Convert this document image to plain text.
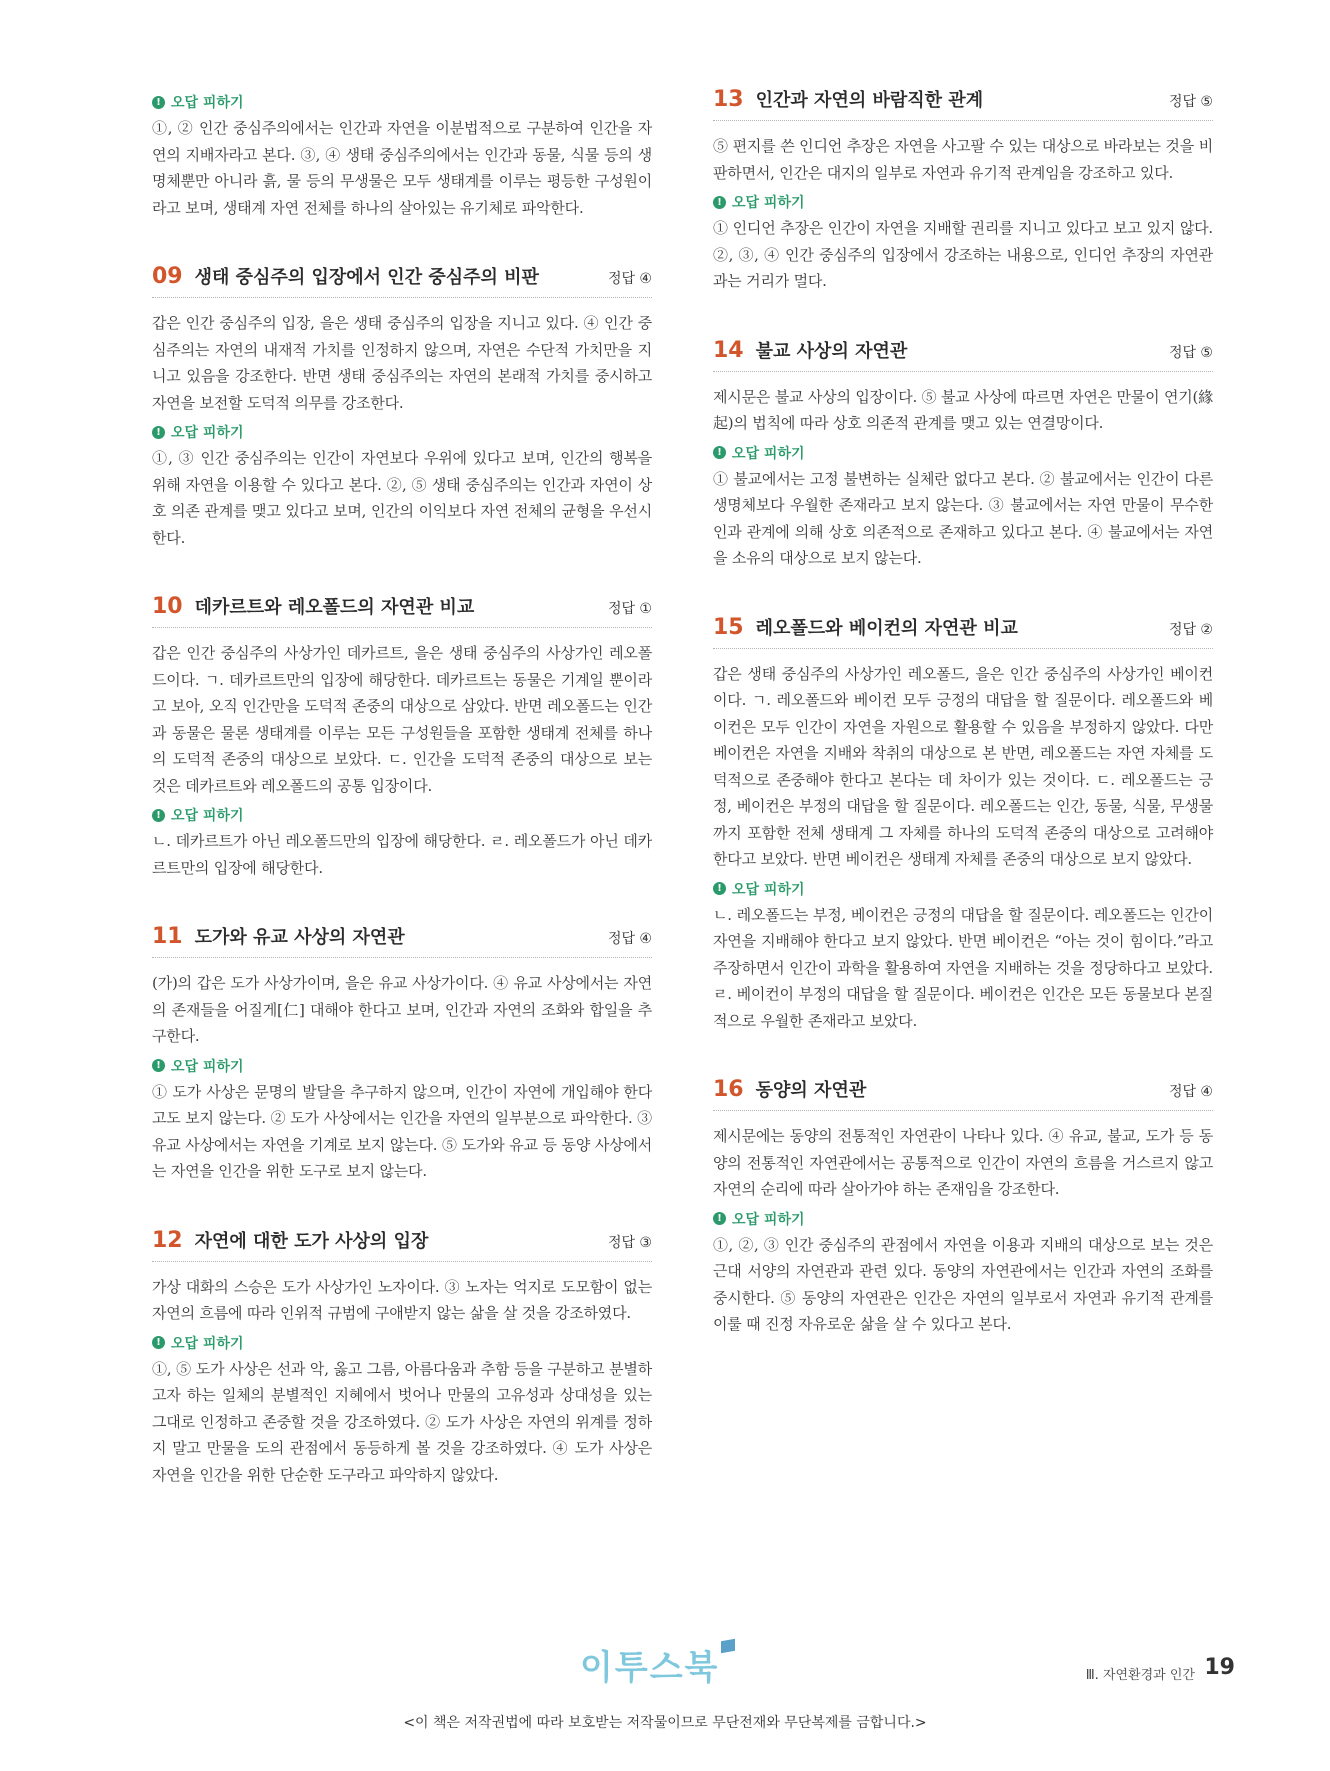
! 오답 피하기

①, ② 인간 중심주의에서는 인간과 자연을 이분법적으로 구분하여 인간을 자연의 지배자라고 본다. ③, ④ 생태 중심주의에서는 인간과 동물, 식물 등의 생명체뿐만 아니라 흙, 물 등의 무생물은 모두 생태계를 이루는 평등한 구성원이라고 보며, 생태계 자연 전체를 하나의 살아있는 유기체로 파악한다.

09 생태 중심주의 입장에서 인간 중심주의 비판	정답 ④

갑은 인간 중심주의 입장, 을은 생태 중심주의 입장을 지니고 있다. ④ 인간 중심주의는 자연의 내재적 가치를 인정하지 않으며, 자연은 수단적 가치만을 지니고 있음을 강조한다. 반면 생태 중심주의는 자연의 본래적 가치를 중시하고 자연을 보전할 도덕적 의무를 강조한다.

! 오답 피하기

①, ③ 인간 중심주의는 인간이 자연보다 우위에 있다고 보며, 인간의 행복을 위해 자연을 이용할 수 있다고 본다. ②, ⑤ 생태 중심주의는 인간과 자연이 상호 의존 관계를 맺고 있다고 보며, 인간의 이익보다 자연 전체의 균형을 우선시한다.

10 데카르트와 레오폴드의 자연관 비교	정답 ①

갑은 인간 중심주의 사상가인 데카르트, 을은 생태 중심주의 사상가인 레오폴드이다. ㄱ. 데카르트만의 입장에 해당한다. 데카르트는 동물은 기계일 뿐이라고 보아, 오직 인간만을 도덕적 존중의 대상으로 삼았다. 반면 레오폴드는 인간과 동물은 물론 생태계를 이루는 모든 구성원들을 포함한 생태계 전체를 하나의 도덕적 존중의 대상으로 보았다. ㄷ. 인간을 도덕적 존중의 대상으로 보는 것은 데카르트와 레오폴드의 공통 입장이다.

! 오답 피하기

ㄴ. 데카르트가 아닌 레오폴드만의 입장에 해당한다. ㄹ. 레오폴드가 아닌 데카르트만의 입장에 해당한다.

11 도가와 유교 사상의 자연관	정답 ④

(가)의 갑은 도가 사상가이며, 을은 유교 사상가이다. ④ 유교 사상에서는 자연의 존재들을 어질게[仁] 대해야 한다고 보며, 인간과 자연의 조화와 합일을 추구한다.

! 오답 피하기

① 도가 사상은 문명의 발달을 추구하지 않으며, 인간이 자연에 개입해야 한다고도 보지 않는다. ② 도가 사상에서는 인간을 자연의 일부분으로 파악한다. ③ 유교 사상에서는 자연을 기계로 보지 않는다. ⑤ 도가와 유교 등 동양 사상에서는 자연을 인간을 위한 도구로 보지 않는다.

12 자연에 대한 도가 사상의 입장	정답 ③

가상 대화의 스승은 도가 사상가인 노자이다. ③ 노자는 억지로 도모함이 없는 자연의 흐름에 따라 인위적 규범에 구애받지 않는 삶을 살 것을 강조하였다.

! 오답 피하기

①, ⑤ 도가 사상은 선과 악, 옳고 그름, 아름다움과 추함 등을 구분하고 분별하고자 하는 일체의 분별적인 지혜에서 벗어나 만물의 고유성과 상대성을 있는 그대로 인정하고 존중할 것을 강조하였다. ② 도가 사상은 자연의 위계를 정하지 말고 만물을 도의 관점에서 동등하게 볼 것을 강조하였다. ④ 도가 사상은 자연을 인간을 위한 단순한 도구라고 파악하지 않았다.

13 인간과 자연의 바람직한 관계	정답 ⑤

⑤ 편지를 쓴 인디언 추장은 자연을 사고팔 수 있는 대상으로 바라보는 것을 비판하면서, 인간은 대지의 일부로 자연과 유기적 관계임을 강조하고 있다.

! 오답 피하기

① 인디언 추장은 인간이 자연을 지배할 권리를 지니고 있다고 보고 있지 않다. ②, ③, ④ 인간 중심주의 입장에서 강조하는 내용으로, 인디언 추장의 자연관과는 거리가 멀다.

14 불교 사상의 자연관	정답 ⑤

제시문은 불교 사상의 입장이다. ⑤ 불교 사상에 따르면 자연은 만물이 연기(緣起)의 법칙에 따라 상호 의존적 관계를 맺고 있는 연결망이다.

! 오답 피하기

① 불교에서는 고정 불변하는 실체란 없다고 본다. ② 불교에서는 인간이 다른 생명체보다 우월한 존재라고 보지 않는다. ③ 불교에서는 자연 만물이 무수한 인과 관계에 의해 상호 의존적으로 존재하고 있다고 본다. ④ 불교에서는 자연을 소유의 대상으로 보지 않는다.

15 레오폴드와 베이컨의 자연관 비교	정답 ②

갑은 생태 중심주의 사상가인 레오폴드, 을은 인간 중심주의 사상가인 베이컨이다. ㄱ. 레오폴드와 베이컨 모두 긍정의 대답을 할 질문이다. 레오폴드와 베이컨은 모두 인간이 자연을 자원으로 활용할 수 있음을 부정하지 않았다. 다만 베이컨은 자연을 지배와 착취의 대상으로 본 반면, 레오폴드는 자연 자체를 도덕적으로 존중해야 한다고 본다는 데 차이가 있는 것이다. ㄷ. 레오폴드는 긍정, 베이컨은 부정의 대답을 할 질문이다. 레오폴드는 인간, 동물, 식물, 무생물까지 포함한 전체 생태계 그 자체를 하나의 도덕적 존중의 대상으로 고려해야 한다고 보았다. 반면 베이컨은 생태계 자체를 존중의 대상으로 보지 않았다.

! 오답 피하기

ㄴ. 레오폴드는 부정, 베이컨은 긍정의 대답을 할 질문이다. 레오폴드는 인간이 자연을 지배해야 한다고 보지 않았다. 반면 베이컨은 “아는 것이 힘이다.”라고 주장하면서 인간이 과학을 활용하여 자연을 지배하는 것을 정당하다고 보았다. ㄹ. 베이컨이 부정의 대답을 할 질문이다. 베이컨은 인간은 모든 동물보다 본질적으로 우월한 존재라고 보았다.

16 동양의 자연관	정답 ④

제시문에는 동양의 전통적인 자연관이 나타나 있다. ④ 유교, 불교, 도가 등 동양의 전통적인 자연관에서는 공통적으로 인간이 자연의 흐름을 거스르지 않고 자연의 순리에 따라 살아가야 하는 존재임을 강조한다.

! 오답 피하기

①, ②, ③ 인간 중심주의 관점에서 자연을 이용과 지배의 대상으로 보는 것은 근대 서양의 자연관과 관련 있다. 동양의 자연관에서는 인간과 자연의 조화를 중시한다. ⑤ 동양의 자연관은 인간은 자연의 일부로서 자연과 유기적 관계를 이룰 때 진정 자유로운 삶을 살 수 있다고 본다.

이투스북	Ⅲ. 자연환경과 인간 19
<이 책은 저작권법에 따라 보호받는 저작물이므로 무단전재와 무단복제를 금합니다.>
